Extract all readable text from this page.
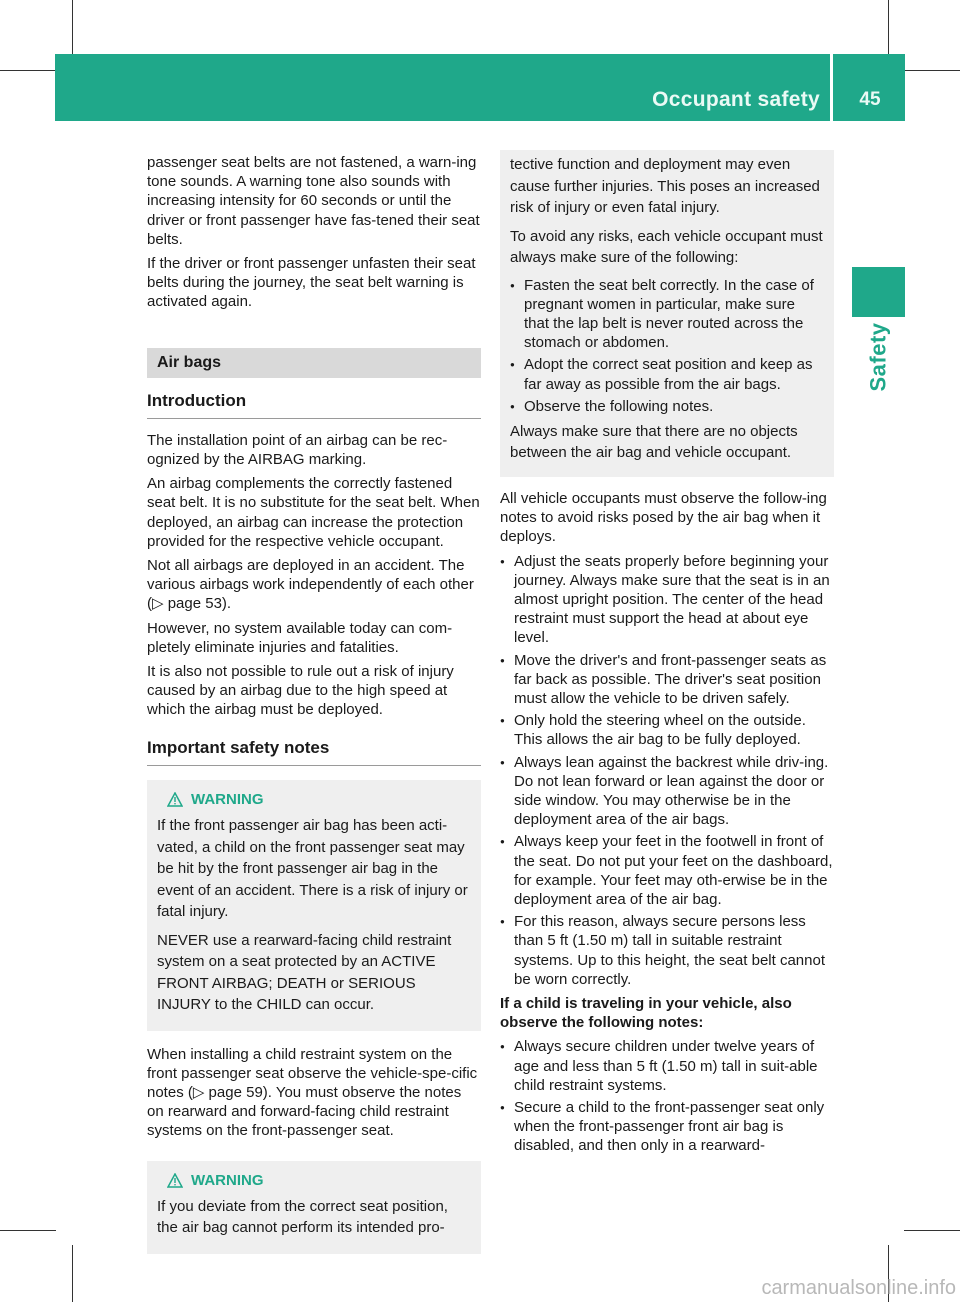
Occupant safety	45
Safety

passenger seat belts are not fastened, a warn-ing tone sounds. A warning tone also sounds with increasing intensity for 60 seconds or until the driver or front passenger have fas-tened their seat belts.

If the driver or front passenger unfasten their seat belts during the journey, the seat belt warning is activated again.

Air bags
Introduction

The installation point of an airbag can be rec-ognized by the AIRBAG marking.

An airbag complements the correctly fastened seat belt. It is no substitute for the seat belt. When deployed, an airbag can increase the protection provided for the respective vehicle occupant.

Not all airbags are deployed in an accident. The various airbags work independently of each other (▷ page 53).

However, no system available today can com-pletely eliminate injuries and fatalities.

It is also not possible to rule out a risk of injury caused by an airbag due to the high speed at which the airbag must be deployed.

Important safety notes
WARNING

If the front passenger air bag has been acti-vated, a child on the front passenger seat may be hit by the front passenger air bag in the event of an accident. There is a risk of injury or fatal injury.

NEVER use a rearward-facing child restraint system on a seat protected by an ACTIVE FRONT AIRBAG; DEATH or SERIOUS INJURY to the CHILD can occur.

When installing a child restraint system on the front passenger seat observe the vehicle-spe-cific notes (▷ page 59). You must observe the notes on rearward and forward-facing child restraint systems on the front-passenger seat.

WARNING

If you deviate from the correct seat position, the air bag cannot perform its intended pro-

tective function and deployment may even cause further injuries. This poses an increased risk of injury or even fatal injury.

To avoid any risks, each vehicle occupant must always make sure of the following:

● Fasten the seat belt correctly. In the case of pregnant women in particular, make sure that the lap belt is never routed across the stomach or abdomen.
● Adopt the correct seat position and keep as far away as possible from the air bags.
● Observe the following notes.

Always make sure that there are no objects between the air bag and vehicle occupant.

All vehicle occupants must observe the follow-ing notes to avoid risks posed by the air bag when it deploys.

● Adjust the seats properly before beginning your journey. Always make sure that the seat is in an almost upright position. The center of the head restraint must support the head at about eye level.
● Move the driver's and front-passenger seats as far back as possible. The driver's seat position must allow the vehicle to be driven safely.
● Only hold the steering wheel on the outside. This allows the air bag to be fully deployed.
● Always lean against the backrest while driv-ing. Do not lean forward or lean against the door or side window. You may otherwise be in the deployment area of the air bags.
● Always keep your feet in the footwell in front of the seat. Do not put your feet on the dashboard, for example. Your feet may oth-erwise be in the deployment area of the air bag.
● For this reason, always secure persons less than 5 ft (1.50 m) tall in suitable restraint systems. Up to this height, the seat belt cannot be worn correctly.

If a child is traveling in your vehicle, also observe the following notes:

● Always secure children under twelve years of age and less than 5 ft (1.50 m) tall in suit-able child restraint systems.
● Secure a child to the front-passenger seat only when the front-passenger front air bag is disabled, and then only in a rearward-
carmanualsonline.info
